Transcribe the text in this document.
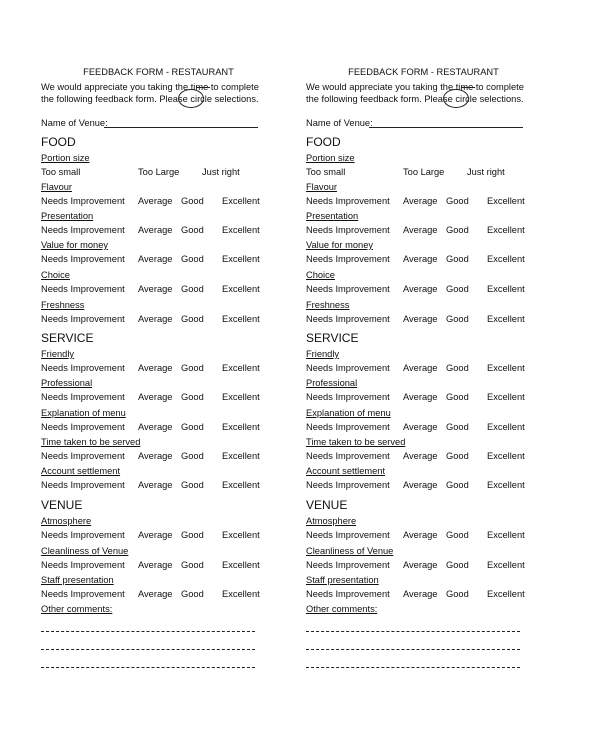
FEEDBACK FORM - RESTAURANT
We would appreciate you taking the time to complete
the following feedback form. Please circle selections.
Name of Venue:
FOOD
Portion size
Too small	Too Large Just right
Flavour
Needs Improvement Average Good Excellent
Presentation
Needs Improvement Average Good Excellent
Value for money
Needs Improvement Average Good Excellent
Choice
Needs Improvement Average Good Excellent
Freshness
Needs Improvement Average Good Excellent
SERVICE
Friendly
Needs Improvement Average Good Excellent
Professional
Needs Improvement Average Good Excellent
Explanation of menu
Needs Improvement Average Good Excellent
Time taken to be served
Needs Improvement Average Good Excellent
Account settlement
Needs Improvement Average Good Excellent
VENUE
Atmosphere
Needs Improvement Average Good Excellent
Cleanliness of Venue
Needs Improvement Average Good Excellent
Staff presentation
Needs Improvement Average Good Excellent
Other comments:
FEEDBACK FORM - RESTAURANT
We would appreciate you taking the time to complete
the following feedback form. Please circle selections.
Name of Venue:
FOOD
Portion size
Too small	Too Large Just right
Flavour
Needs Improvement Average Good Excellent
Presentation
Needs Improvement Average Good Excellent
Value for money
Needs Improvement Average Good Excellent
Choice
Needs Improvement Average Good Excellent
Freshness
Needs Improvement Average Good Excellent
SERVICE
Friendly
Needs Improvement Average Good Excellent
Professional
Needs Improvement Average Good Excellent
Explanation of menu
Needs Improvement Average Good Excellent
Time taken to be served
Needs Improvement Average Good Excellent
Account settlement
Needs Improvement Average Good Excellent
VENUE
Atmosphere
Needs Improvement Average Good Excellent
Cleanliness of Venue
Needs Improvement Average Good Excellent
Staff presentation
Needs Improvement Average Good Excellent
Other comments:
